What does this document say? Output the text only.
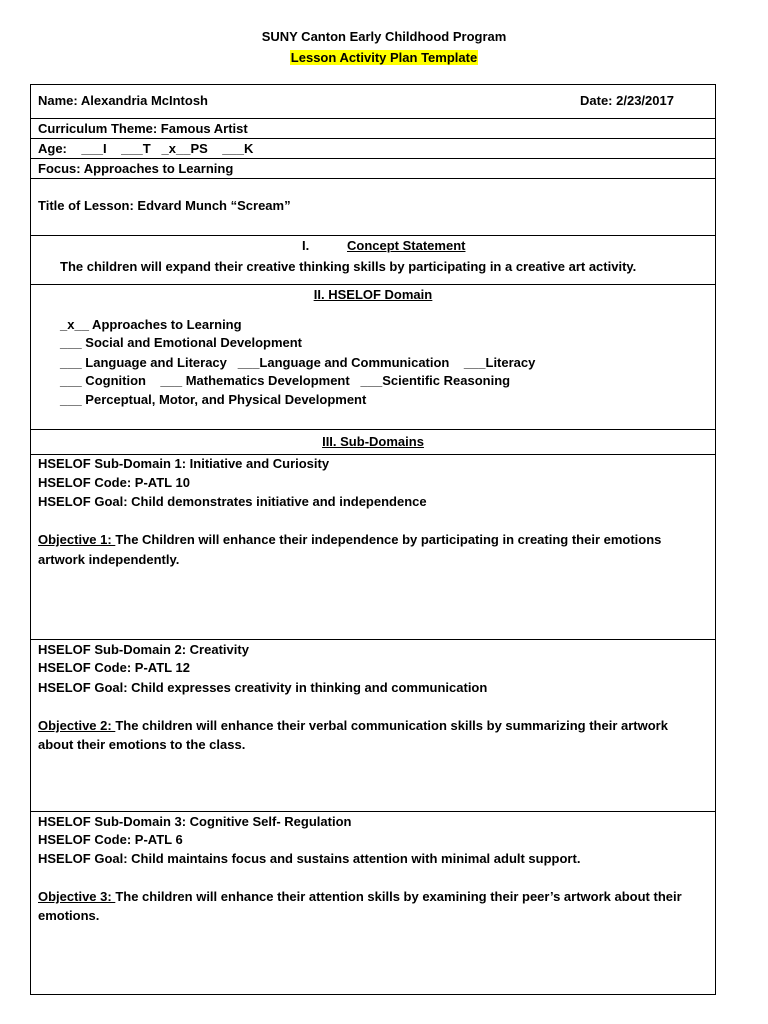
SUNY Canton Early Childhood Program
Lesson Activity Plan Template
Name: Alexandria McIntosh	Date: 2/23/2017
Curriculum Theme: Famous Artist
Age:    ___I    ___T   _x__PS    ___K
Focus: Approaches to Learning
Title of Lesson: Edvard Munch “Scream”
I.	Concept Statement
The children will expand their creative thinking skills by participating in a creative art activity.
II. HSELOF Domain
_x__ Approaches to Learning
___ Social and Emotional Development
___ Language and Literacy   ___Language and Communication    ___Literacy
___ Cognition    ___ Mathematics Development   ___Scientific Reasoning
___ Perceptual, Motor, and Physical Development
III. Sub-Domains
HSELOF Sub-Domain 1: Initiative and Curiosity
HSELOF Code: P-ATL 10
HSELOF Goal: Child demonstrates initiative and independence
Objective 1: The Children will enhance their independence by participating in creating their emotions
artwork independently.
HSELOF Sub-Domain 2: Creativity
HSELOF Code: P-ATL 12
HSELOF Goal: Child expresses creativity in thinking and communication
Objective 2: The children will enhance their verbal communication skills by summarizing their artwork
about their emotions to the class.
HSELOF Sub-Domain 3: Cognitive Self- Regulation
HSELOF Code: P-ATL 6
HSELOF Goal: Child maintains focus and sustains attention with minimal adult support.
Objective 3: The children will enhance their attention skills by examining their peer’s artwork about their
emotions.
